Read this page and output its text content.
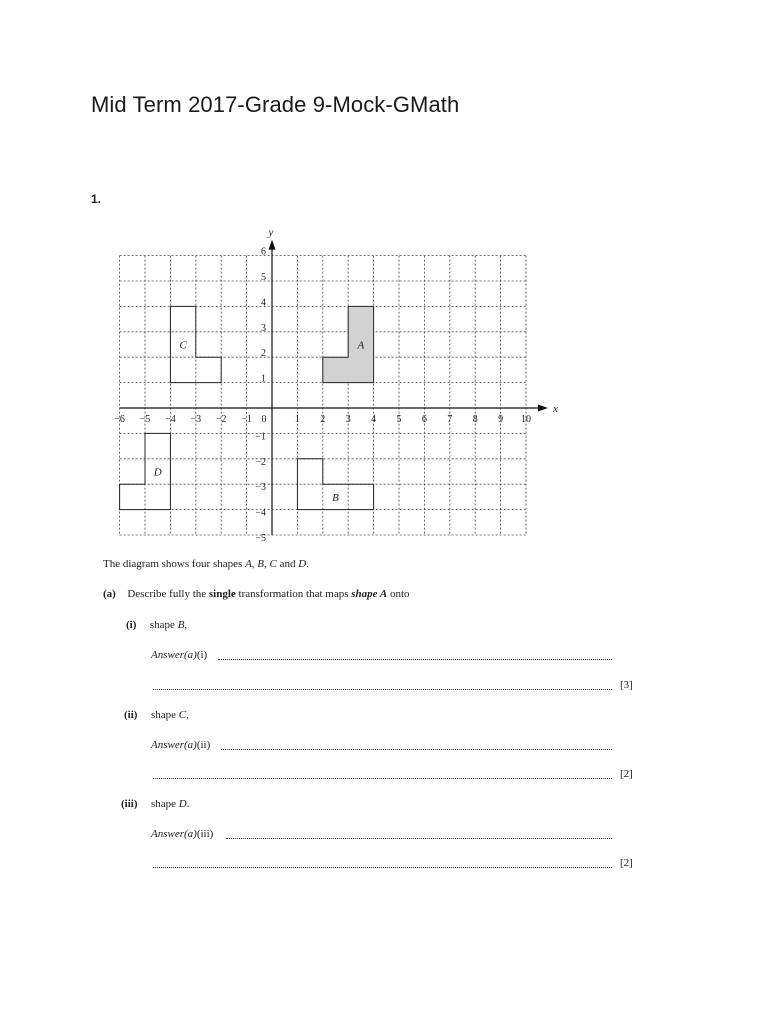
Mid Term 2017-Grade 9-Mock-GMath
1.
A
B
C
D
x
y
−6 −5 −4 −3 −2 −1 0	1 2 3 4 5 6 7 8 9 10
1
2
3
4
5
6
−1
−2
−3
−4
−5
The diagram shows four shapes A, B, C and D.
(a) Describe fully the single transformation that maps shape A onto
(i) shape B,
Answer(a)(i)
[3]
(ii) shape C,
Answer(a)(ii)
[2]
(iii) shape D.
Answer(a)(iii)
[2]
